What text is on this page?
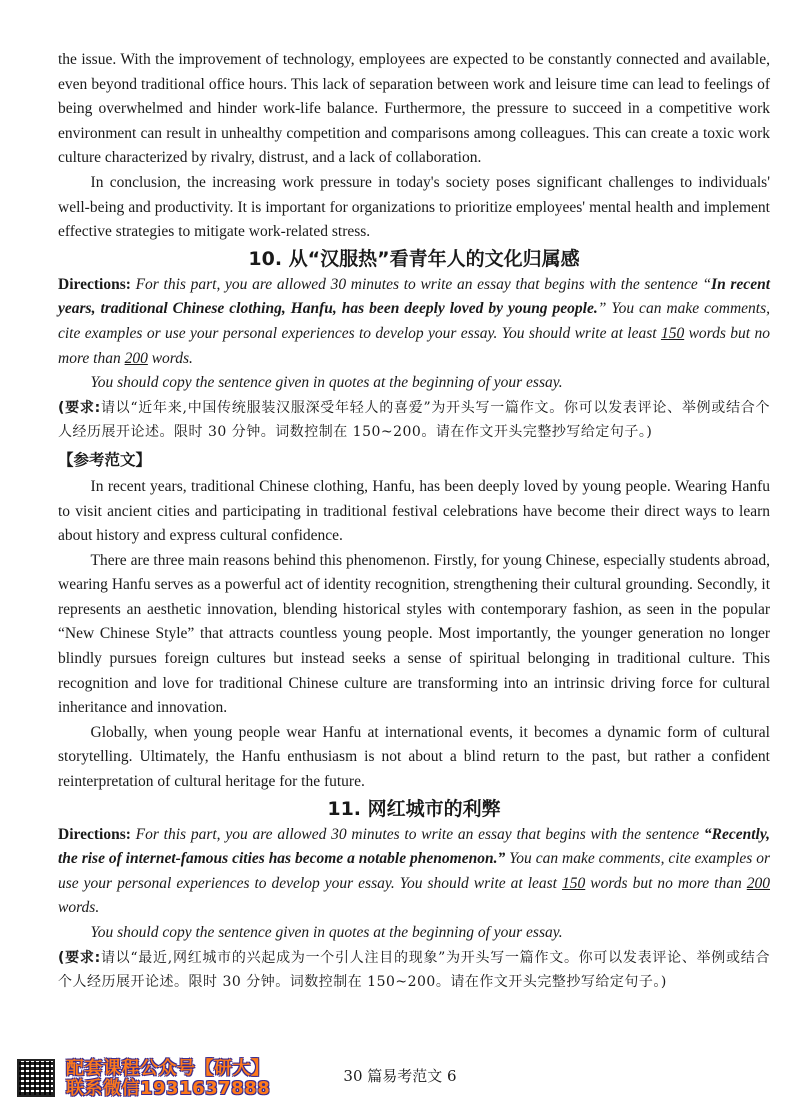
the issue. With the improvement of technology, employees are expected to be constantly connected and available, even beyond traditional office hours. This lack of separation between work and leisure time can lead to feelings of being overwhelmed and hinder work-life balance. Furthermore, the pressure to succeed in a competitive work environment can result in unhealthy competition and comparisons among colleagues. This can create a toxic work culture characterized by rivalry, distrust, and a lack of collaboration.

In conclusion, the increasing work pressure in today's society poses significant challenges to individuals' well-being and productivity. It is important for organizations to prioritize employees' mental health and implement effective strategies to mitigate work-related stress.

10. 从“汉服热”看青年人的文化归属感

Directions: For this part, you are allowed 30 minutes to write an essay that begins with the sentence “In recent years, traditional Chinese clothing, Hanfu, has been deeply loved by young people.” You can make comments, cite examples or use your personal experiences to develop your essay. You should write at least 150 words but no more than 200 words.

You should copy the sentence given in quotes at the beginning of your essay.

(要求:请以“近年来,中国传统服装汉服深受年轻人的喜爱”为开头写一篇作文。你可以发表评论、举例或结合个人经历展开论述。限时 30 分钟。词数控制在 150~200。请在作文开头完整抄写给定句子。)

【参考范文】

In recent years, traditional Chinese clothing, Hanfu, has been deeply loved by young people. Wearing Hanfu to visit ancient cities and participating in traditional festival celebrations have become their direct ways to learn about history and express cultural confidence.

There are three main reasons behind this phenomenon. Firstly, for young Chinese, especially students abroad, wearing Hanfu serves as a powerful act of identity recognition, strengthening their cultural grounding. Secondly, it represents an aesthetic innovation, blending historical styles with contemporary fashion, as seen in the popular “New Chinese Style” that attracts countless young people. Most importantly, the younger generation no longer blindly pursues foreign cultures but instead seeks a sense of spiritual belonging in traditional culture. This recognition and love for traditional Chinese culture are transforming into an intrinsic driving force for cultural inheritance and innovation.

Globally, when young people wear Hanfu at international events, it becomes a dynamic form of cultural storytelling. Ultimately, the Hanfu enthusiasm is not about a blind return to the past, but rather a confident reinterpretation of cultural heritage for the future.

11. 网红城市的利弊

Directions: For this part, you are allowed 30 minutes to write an essay that begins with the sentence “Recently, the rise of internet-famous cities has become a notable phenomenon.” You can make comments, cite examples or use your personal experiences to develop your essay. You should write at least 150 words but no more than 200 words.

You should copy the sentence given in quotes at the beginning of your essay.

(要求:请以“最近,网红城市的兴起成为一个引人注目的现象”为开头写一篇作文。你可以发表评论、举例或结合个人经历展开论述。限时 30 分钟。词数控制在 150~200。请在作文开头完整抄写给定句子。)

配套课程公众号【研大】
联系微信1931637888
30 篇易考范文 6
